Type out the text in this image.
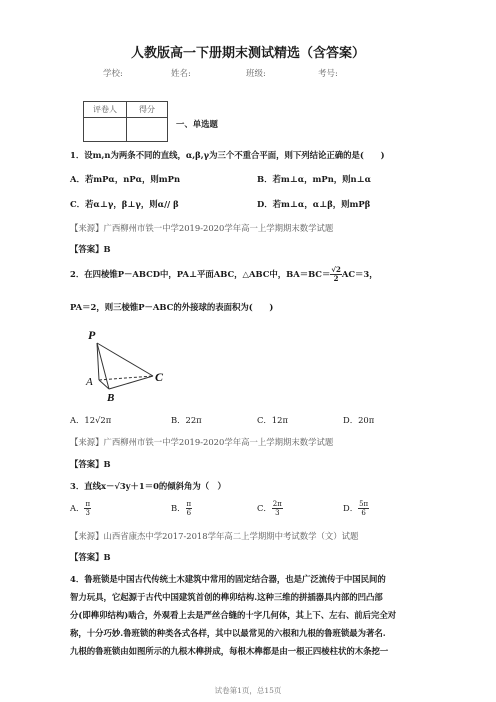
人教版高一下册期末测试精选（含答案）
学校:	姓名:	班级:	考号:
评卷人	得分

一、单选题
1．设m,n为两条不同的直线，α,β,γ为三个不重合平面，则下列结论正确的是(　　)
A．若mPα，nPα，则mPn	B．若m⊥α，mPn，则n⊥α
C．若α⊥γ，β⊥γ，则α// β	D．若m⊥α，α⊥β，则mPβ
【来源】广西柳州市铁一中学2019-2020学年高一上学期期末数学试题
【答案】B
2．在四棱锥P－ABCD中，PA⊥平面ABC，△ABC中，$BA=BC= \frac{√2}{2} AC=3$，
PA＝2，则三棱锥P－ABC的外接球的表面积为(　　)
P
A
B
C
A．12√2π	B．22π	C．12π	D．20π
【来源】广西柳州市铁一中学2019-2020学年高一上学期期末数学试题
【答案】B
3．直线x－√3y＋1＝0的倾斜角为（　）
A． $\frac{\pi}{3}$	B． $\frac{\pi}{6}$	C． $\frac{2\pi}{3}$	D． $\frac{5\pi}{6}$
【来源】山西省康杰中学2017-2018学年高二上学期期中考试数学（文）试题
【答案】B
4．鲁班锁是中国古代传统土木建筑中常用的固定结合器，也是广泛流传于中国民间的
智力玩具，它起源于古代中国建筑首创的榫卯结构.这种三维的拼插器具内部的凹凸部
分(即榫卯结构)啮合，外观看上去是严丝合缝的十字几何体，其上下、左右、前后完全对
称，十分巧妙.鲁班锁的种类各式各样，其中以最常见的六根和九根的鲁班锁最为著名.
九根的鲁班锁由如图所示的九根木榫拼成，每根木榫都是由一根正四棱柱状的木条挖一
试卷第1页，总15页
